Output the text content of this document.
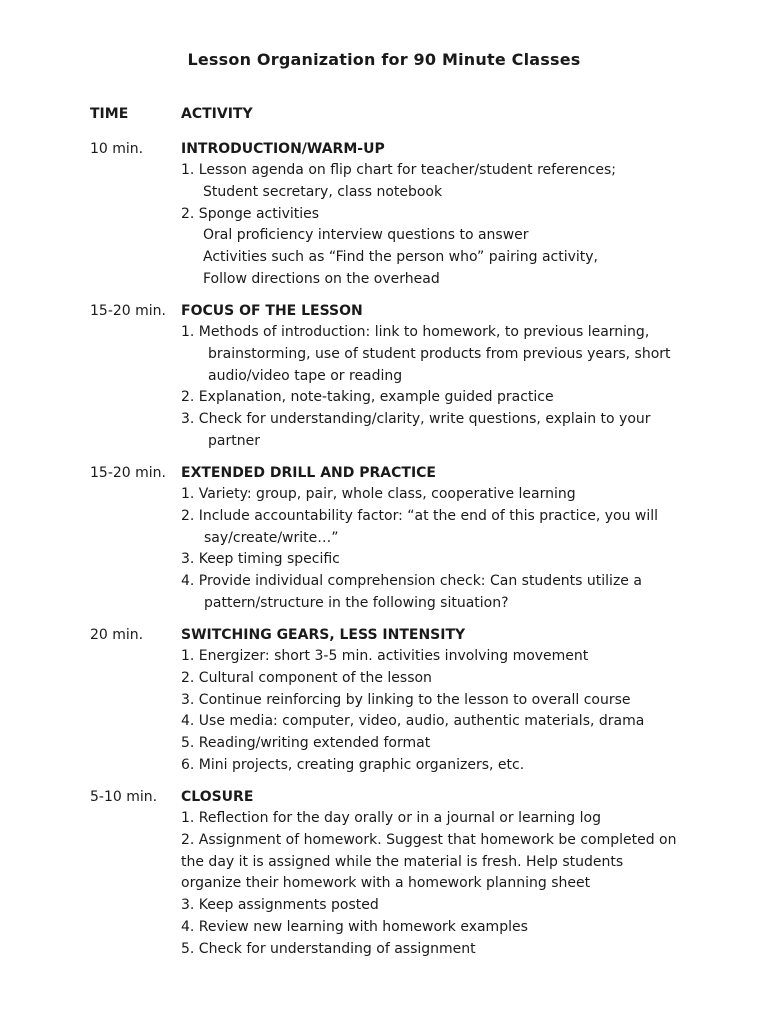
Lesson Organization for 90 Minute Classes
TIME	ACTIVITY
10 min.	INTRODUCTION/WARM-UP
1. Lesson agenda on flip chart for teacher/student references;
Student secretary, class notebook
2. Sponge activities
Oral proficiency interview questions to answer
Activities such as “Find the person who” pairing activity,
Follow directions on the overhead
15-20 min. FOCUS OF THE LESSON
1. Methods of introduction: link to homework, to previous learning,
brainstorming, use of student products from previous years, short
audio/video tape or reading
2. Explanation, note-taking, example guided practice
3. Check for understanding/clarity, write questions, explain to your
partner
15-20 min. EXTENDED DRILL AND PRACTICE
1. Variety: group, pair, whole class, cooperative learning
2. Include accountability factor: “at the end of this practice, you will
say/create/write…”
3. Keep timing specific
4. Provide individual comprehension check: Can students utilize a
pattern/structure in the following situation?
20 min.	SWITCHING GEARS, LESS INTENSITY
1. Energizer: short 3-5 min. activities involving movement
2. Cultural component of the lesson
3. Continue reinforcing by linking to the lesson to overall course
4. Use media: computer, video, audio, authentic materials, drama
5. Reading/writing extended format
6. Mini projects, creating graphic organizers, etc.
5-10 min. CLOSURE
1. Reflection for the day orally or in a journal or learning log
2. Assignment of homework. Suggest that homework be completed on
the day it is assigned while the material is fresh. Help students
organize their homework with a homework planning sheet
3. Keep assignments posted
4. Review new learning with homework examples
5. Check for understanding of assignment
